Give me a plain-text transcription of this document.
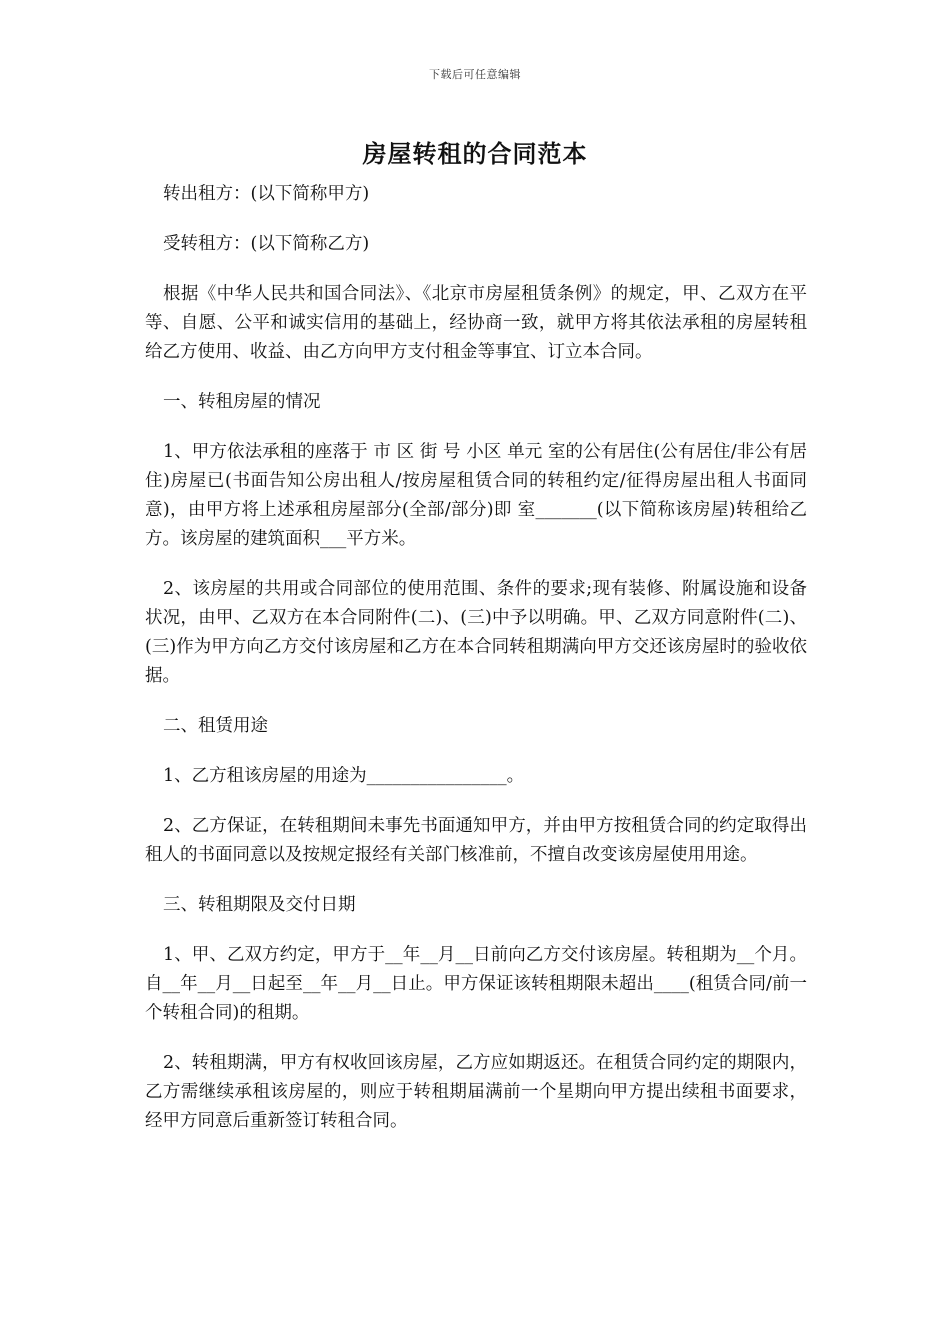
下载后可任意编辑
房屋转租的合同范本

转出租方：(以下简称甲方)

受转租方：(以下简称乙方)

根据《中华人民共和国合同法》、《北京市房屋租赁条例》的规定，甲、乙双方在平等、自愿、公平和诚实信用的基础上，经协商一致，就甲方将其依法承租的房屋转租给乙方使用、收益、由乙方向甲方支付租金等事宜、订立本合同。

一、转租房屋的情况

1、甲方依法承租的座落于 市 区 街 号 小区 单元 室的公有居住(公有居住/非公有居住)房屋已(书面告知公房出租人/按房屋租赁合同的转租约定/征得房屋出租人书面同意)，由甲方将上述承租房屋部分(全部/部分)即 室_______(以下简称该房屋)转租给乙方。该房屋的建筑面积___平方米。

2、该房屋的共用或合同部位的使用范围、条件的要求;现有装修、附属设施和设备状况，由甲、乙双方在本合同附件(二)、(三)中予以明确。甲、乙双方同意附件(二)、(三)作为甲方向乙方交付该房屋和乙方在本合同转租期满向甲方交还该房屋时的验收依据。

二、租赁用途

1、乙方租该房屋的用途为________________。

2、乙方保证，在转租期间未事先书面通知甲方，并由甲方按租赁合同的约定取得出租人的书面同意以及按规定报经有关部门核准前，不擅自改变该房屋使用用途。

三、转租期限及交付日期

1、甲、乙双方约定，甲方于__年__月__日前向乙方交付该房屋。转租期为__个月。自__年__月__日起至__年__月__日止。甲方保证该转租期限未超出____(租赁合同/前一个转租合同)的租期。

2、转租期满，甲方有权收回该房屋，乙方应如期返还。在租赁合同约定的期限内，乙方需继续承租该房屋的，则应于转租期届满前一个星期向甲方提出续租书面要求，经甲方同意后重新签订转租合同。
